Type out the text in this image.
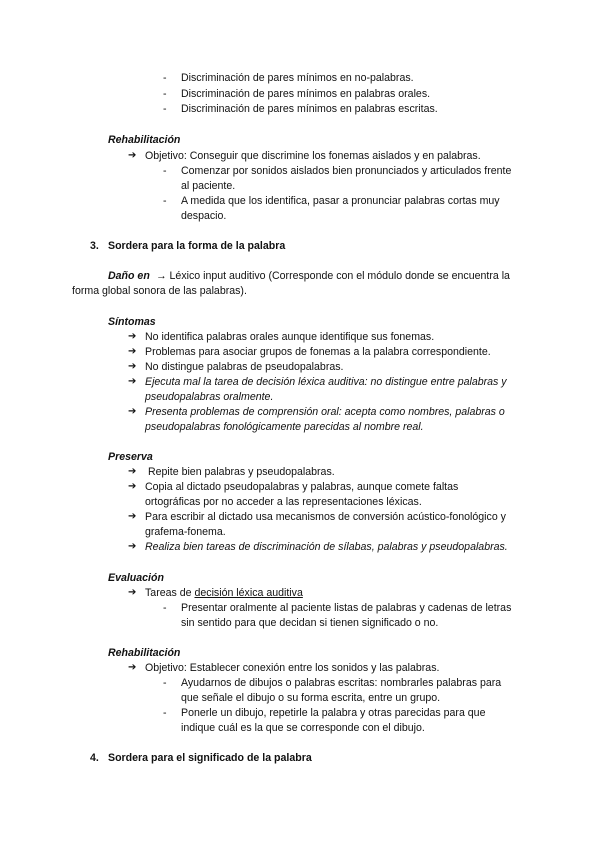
- Discriminación de pares mínimos en no-palabras.
- Discriminación de pares mínimos en palabras orales.
- Discriminación de pares mínimos en palabras escritas.
Rehabilitación
➔ Objetivo: Conseguir que discrimine los fonemas aislados y en palabras.
- Comenzar por sonidos aislados bien pronunciados y articulados frente
al paciente.
- A medida que los identifica, pasar a pronunciar palabras cortas muy
despacio.
3. Sordera para la forma de la palabra
Daño en → Léxico input auditivo (Corresponde con el módulo donde se encuentra la
forma global sonora de las palabras).
Síntomas
➔ No identifica palabras orales aunque identifique sus fonemas.
➔ Problemas para asociar grupos de fonemas a la palabra correspondiente.
➔ No distingue palabras de pseudopalabras.
➔ Ejecuta mal la tarea de decisión léxica auditiva: no distingue entre palabras y
pseudopalabras oralmente.
➔ Presenta problemas de comprensión oral: acepta como nombres, palabras o
pseudopalabras fonológicamente parecidas al nombre real.
Preserva
➔ Repite bien palabras y pseudopalabras.
➔ Copia al dictado pseudopalabras y palabras, aunque comete faltas
ortográficas por no acceder a las representaciones léxicas.
➔ Para escribir al dictado usa mecanismos de conversión acústico-fonológico y
grafema-fonema.
➔ Realiza bien tareas de discriminación de sílabas, palabras y pseudopalabras.
Evaluación
➔ Tareas de decisión léxica auditiva
- Presentar oralmente al paciente listas de palabras y cadenas de letras
sin sentido para que decidan si tienen significado o no.
Rehabilitación
➔ Objetivo: Establecer conexión entre los sonidos y las palabras.
- Ayudarnos de dibujos o palabras escritas: nombrarles palabras para
que señale el dibujo o su forma escrita, entre un grupo.
- Ponerle un dibujo, repetirle la palabra y otras parecidas para que
indique cuál es la que se corresponde con el dibujo.
4. Sordera para el significado de la palabra
